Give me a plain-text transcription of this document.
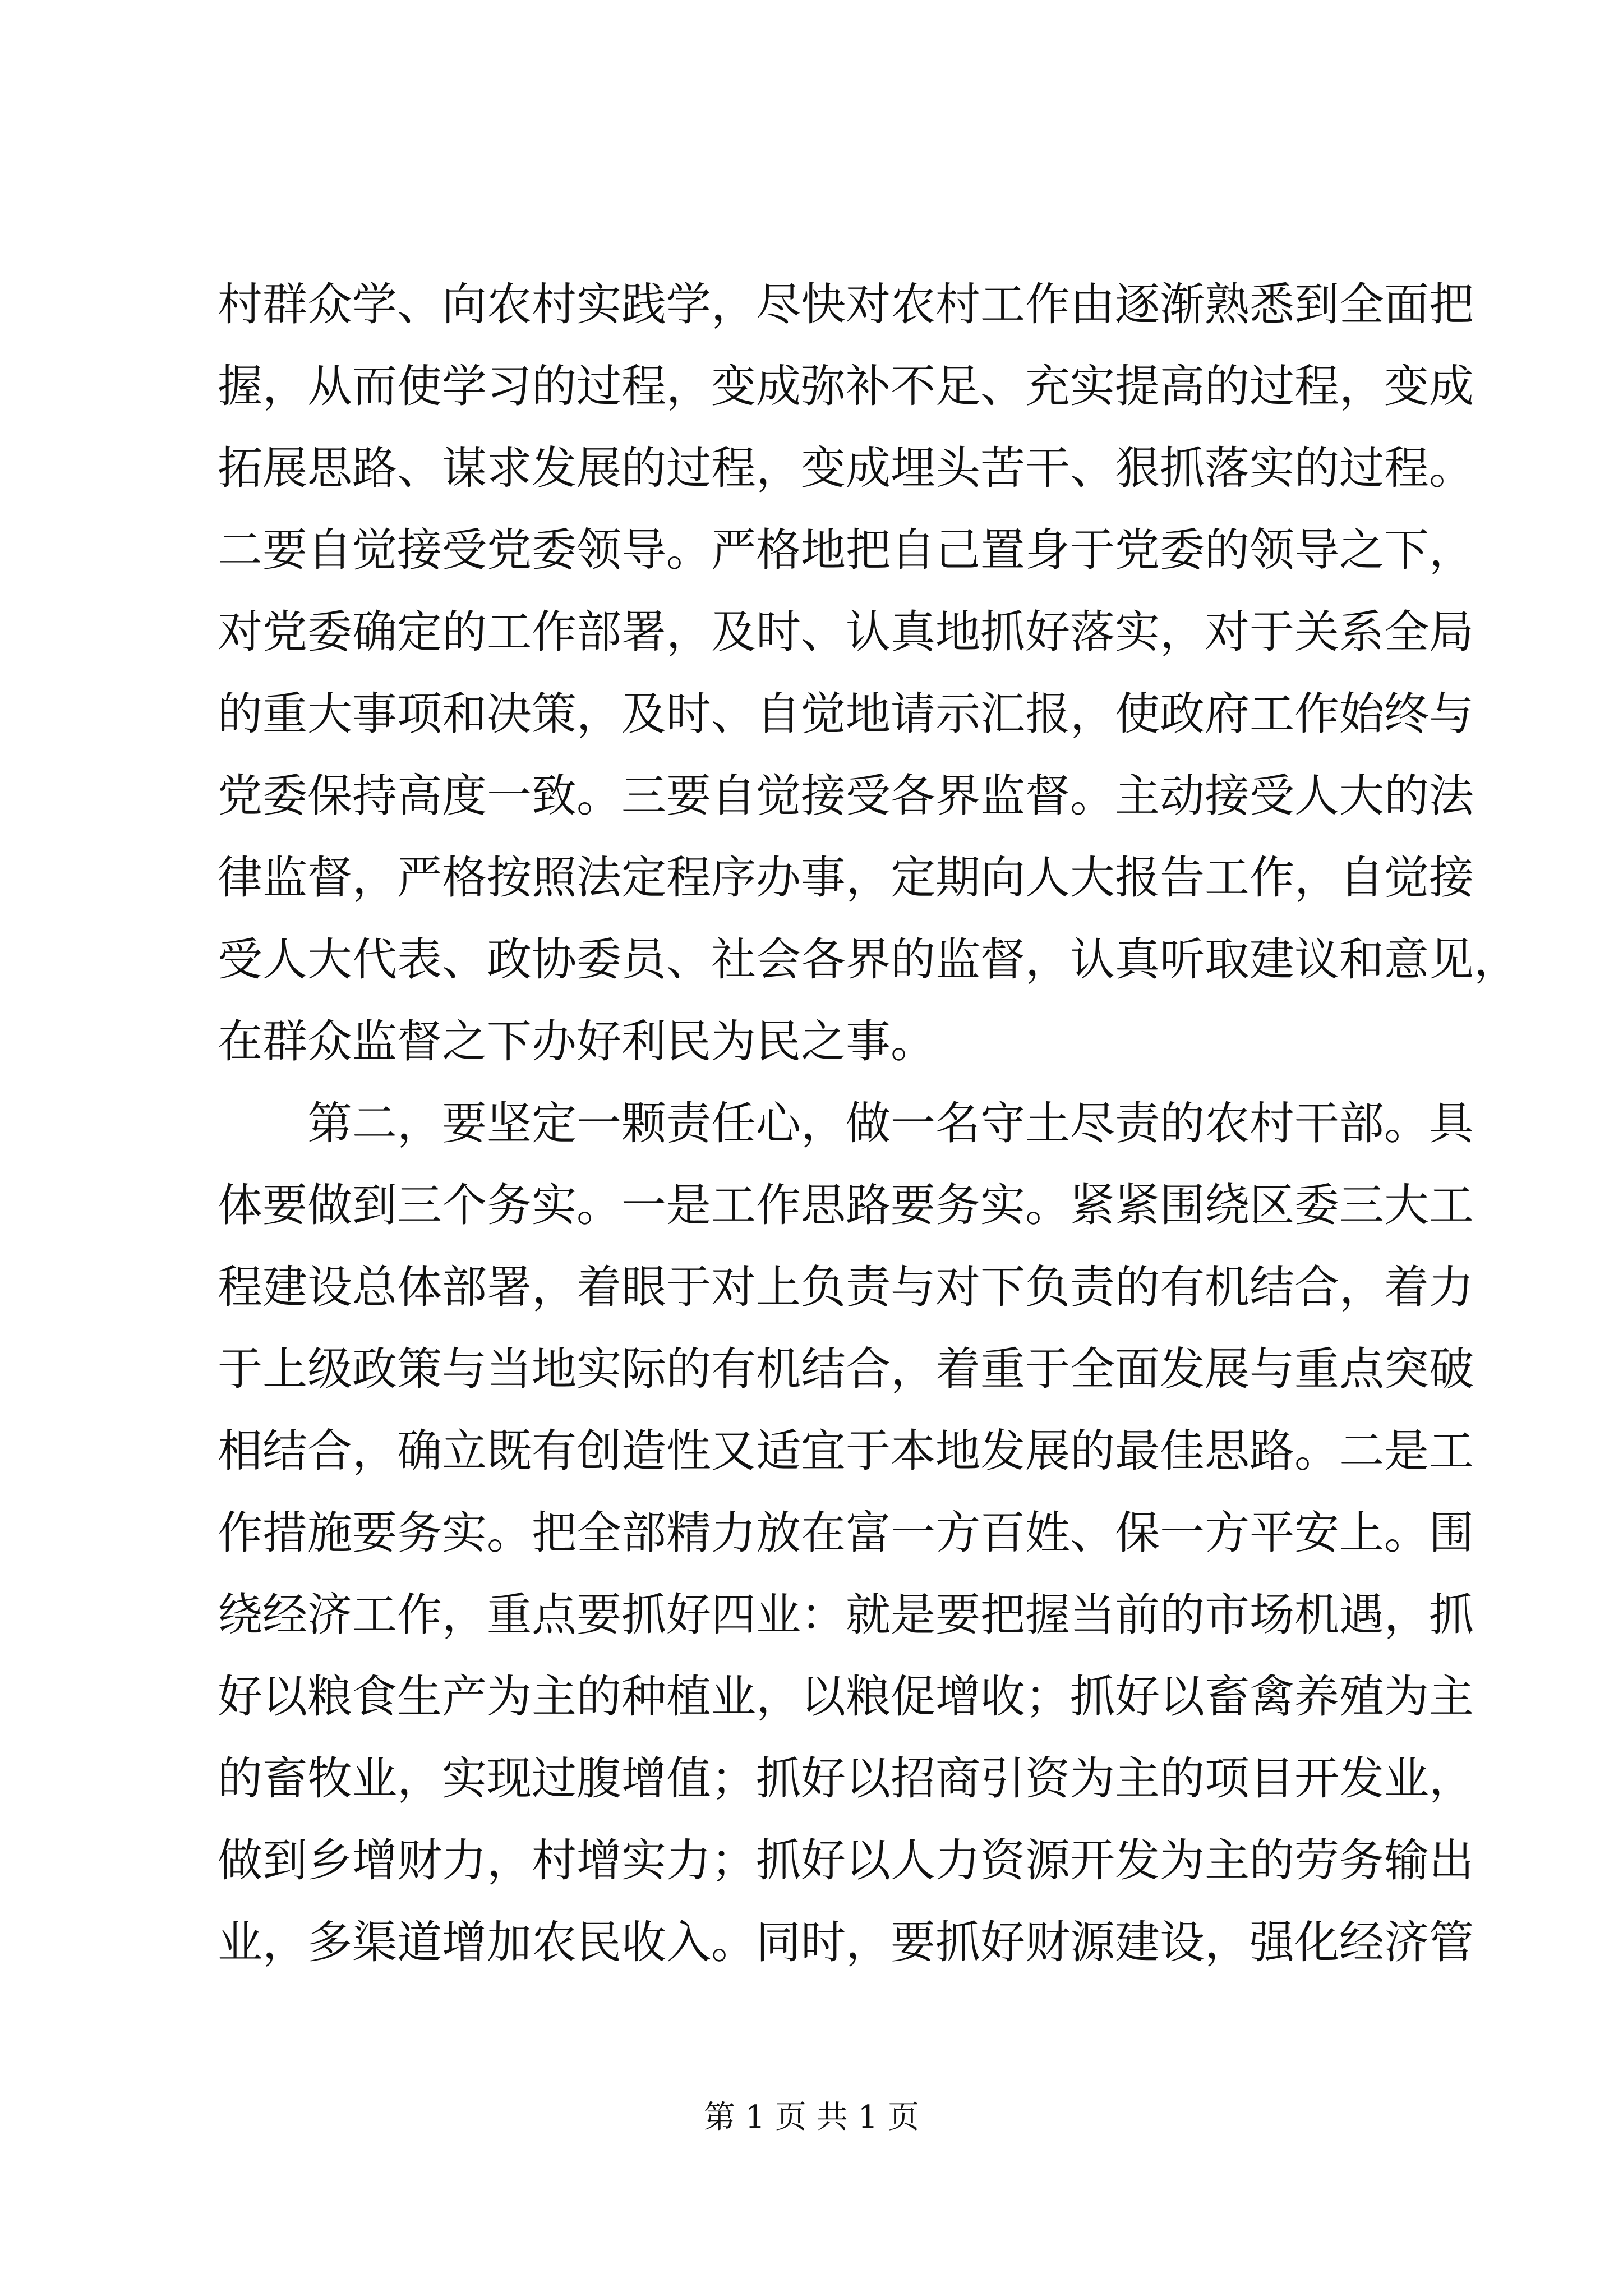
村群众学、向农村实践学，尽快对农村工作由逐渐熟悉到全面把
握，从而使学习的过程，变成弥补不足、充实提高的过程，变成
拓展思路、谋求发展的过程，变成埋头苦干、狠抓落实的过程。
二要自觉接受党委领导。严格地把自己置身于党委的领导之下，
对党委确定的工作部署，及时、认真地抓好落实，对于关系全局
的重大事项和决策，及时、自觉地请示汇报，使政府工作始终与
党委保持高度一致。三要自觉接受各界监督。主动接受人大的法
律监督，严格按照法定程序办事，定期向人大报告工作，自觉接
受人大代表、政协委员、社会各界的监督，认真听取建议和意见，
在群众监督之下办好利民为民之事。
第二，要坚定一颗责任心，做一名守土尽责的农村干部。具
体要做到三个务实。一是工作思路要务实。紧紧围绕区委三大工
程建设总体部署，着眼于对上负责与对下负责的有机结合，着力
于上级政策与当地实际的有机结合，着重于全面发展与重点突破
相结合，确立既有创造性又适宜于本地发展的最佳思路。二是工
作措施要务实。把全部精力放在富一方百姓、保一方平安上。围
绕经济工作，重点要抓好四业：就是要把握当前的市场机遇，抓
好以粮食生产为主的种植业，以粮促增收；抓好以畜禽养殖为主
的畜牧业，实现过腹增值；抓好以招商引资为主的项目开发业，
做到乡增财力，村增实力；抓好以人力资源开发为主的劳务输出
业，多渠道增加农民收入。同时，要抓好财源建设，强化经济管
第 1 页 共 1 页
